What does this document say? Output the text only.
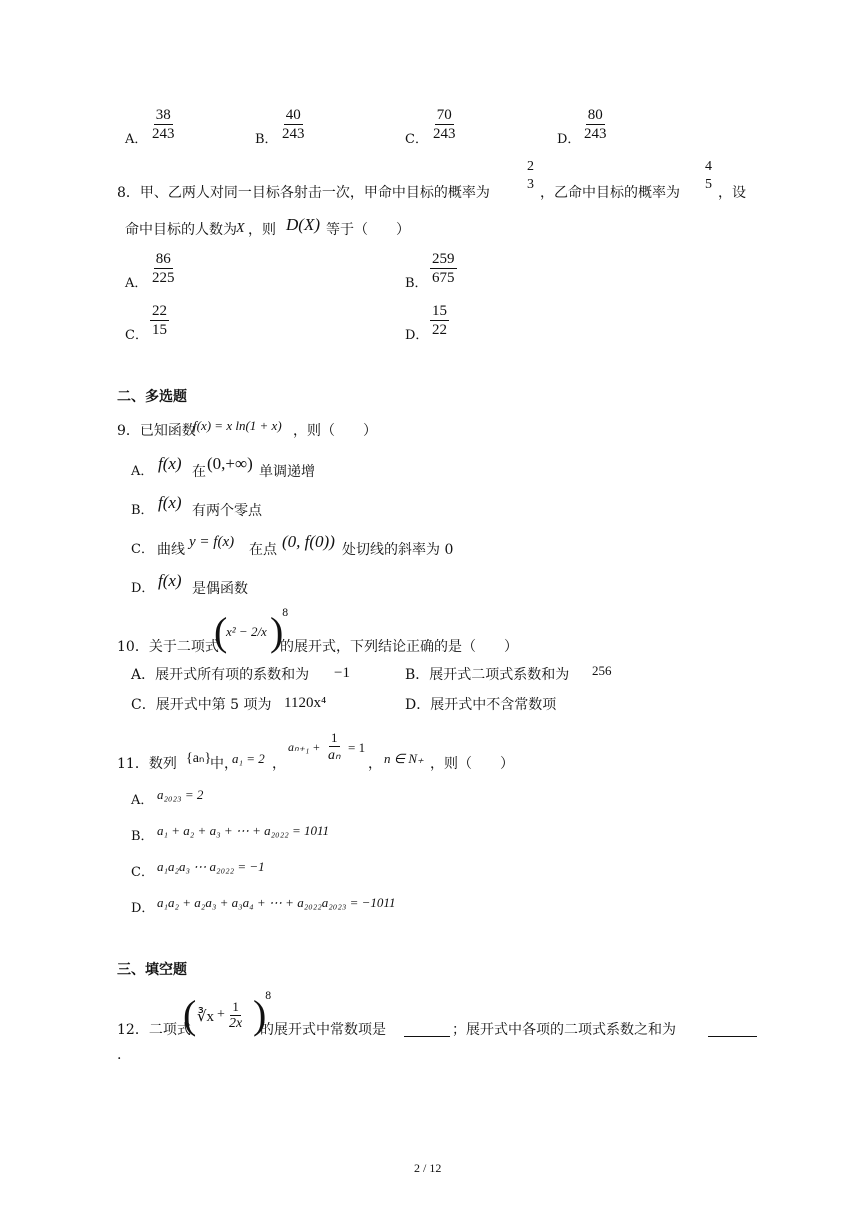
A． $\frac{38}{243}$	B． $\frac{40}{243}$	C． $\frac{70}{243}$	D． $\frac{80}{243}$
8．甲、乙两人对同一目标各射击一次，甲命中目标的概率为
2
3
，乙命中目标的概率为
4
5
，设
命中目标的人数为 X ，则 D(X) 等于（　　）
A． $\frac{86}{225}$	B． $\frac{259}{675}$
C． $\frac{22}{15}$	D． $\frac{15}{22}$
二、多选题
9．已知函数
f(x) = x ln(1 + x) ，则（　　）
A． f(x) 在 (0,+∞) 单调递增
B． f(x) 有两个零点
C． 曲线 y = f(x) 在点 (0, f(0)) 处切线的斜率为 0
D． f(x) 是偶函数
10．关于二项式
(
x² − 2/x )
8
的展开式，下列结论正确的是（　　）
A．展开式所有项的系数和为 −1	B．展开式二项式系数和为 256
C．展开式中第 5 项为 1120x⁴	D．展开式中不含常数项
11．数列 {aₙ}
中，
a₁ = 2 ，
$a_{n+1} + \frac{1}{\text{aₙ}} = 1$
， n ∈ N₊ ，则（　　）
A． a₂₀₂₃ = 2
B． a₁ + a₂ + a₃ + ⋯ + a₂₀₂₂ = 1011
C． a₁a₂a₃ ⋯ a₂₀₂₂ = −1
D． a₁a₂ + a₂a₃ + a₃a₄ + ⋯ + a₂₀₂₂a₂₀₂₃ = −1011
三、填空题
12．二项式
( ∛x + $\frac{1}{2x}$ )
8
的展开式中常数项是	；展开式中各项的二项式系数之和为
.
2 / 12
